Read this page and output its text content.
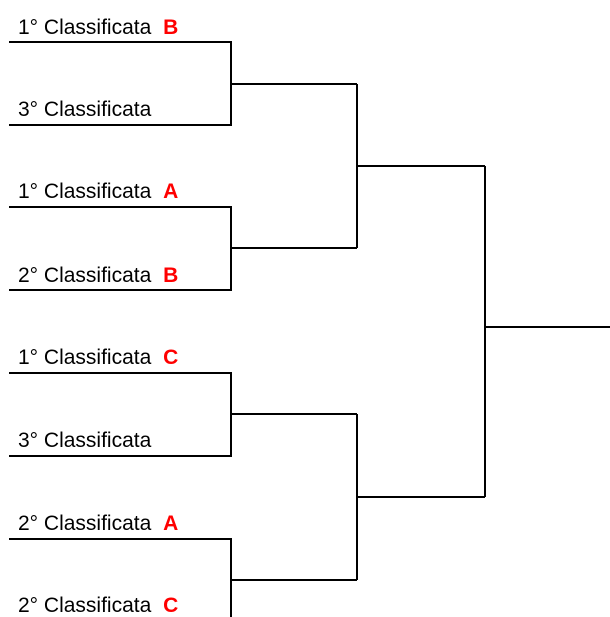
1° Classificata B
3° Classificata
1° Classificata A
2° Classificata B
1° Classificata C
3° Classificata
2° Classificata A
2° Classificata C
